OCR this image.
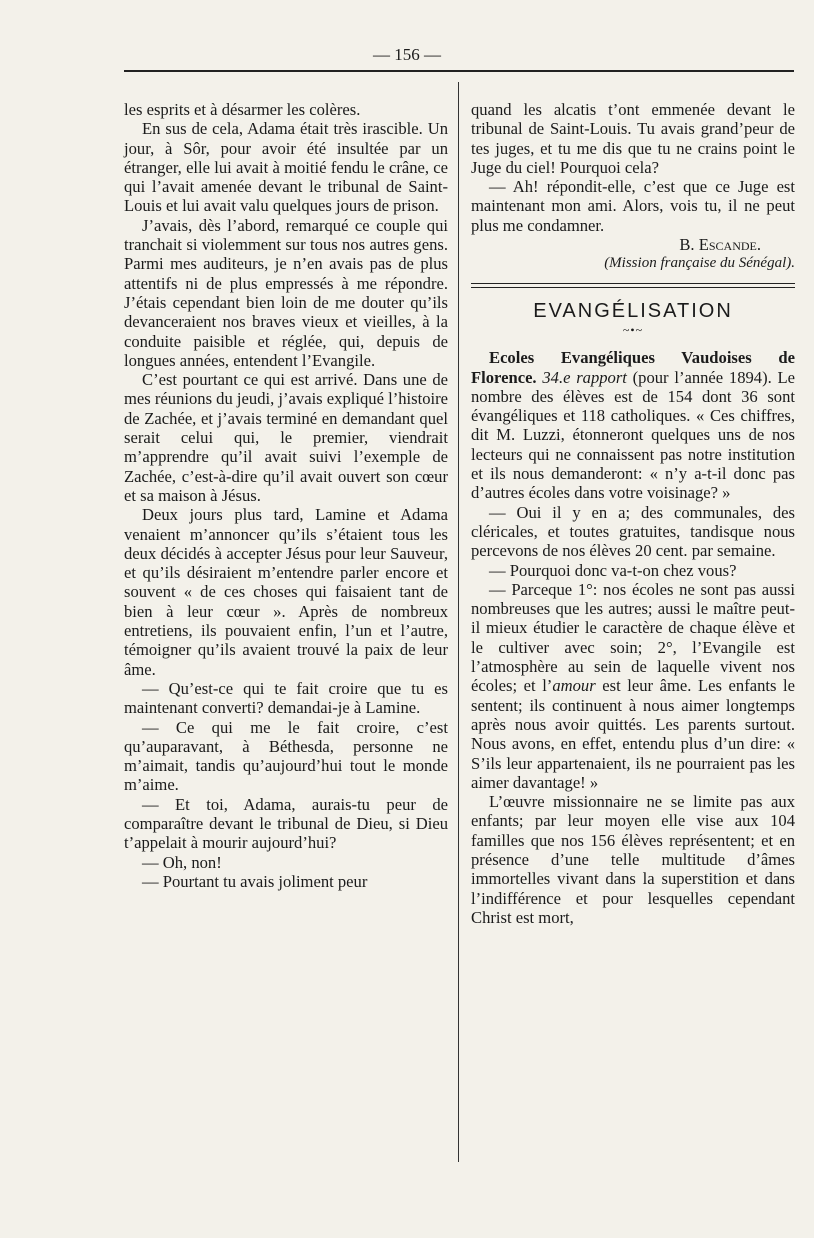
— 156 —

les esprits et à désarmer les colères.

En sus de cela, Adama était très irascible. Un jour, à Sôr, pour avoir été insultée par un étranger, elle lui avait à moitié fendu le crâne, ce qui l’avait amenée devant le tribunal de Saint-Louis et lui avait valu quelques jours de prison.

J’avais, dès l’abord, remarqué ce couple qui tranchait si violemment sur tous nos autres gens. Parmi mes auditeurs, je n’en avais pas de plus attentifs ni de plus empressés à me répondre. J’étais cependant bien loin de me douter qu’ils devanceraient nos braves vieux et vieilles, à la conduite paisible et réglée, qui, depuis de longues années, entendent l’Evangile.

C’est pourtant ce qui est arrivé. Dans une de mes réunions du jeudi, j’avais expliqué l’histoire de Zachée, et j’avais terminé en demandant quel serait celui qui, le premier, viendrait m’apprendre qu’il avait suivi l’exemple de Zachée, c’est-à-dire qu’il avait ouvert son cœur et sa maison à Jésus.

Deux jours plus tard, Lamine et Adama venaient m’annoncer qu’ils s’étaient tous les deux décidés à accepter Jésus pour leur Sauveur, et qu’ils désiraient m’entendre parler encore et souvent « de ces choses qui faisaient tant de bien à leur cœur ». Après de nombreux entretiens, ils pouvaient enfin, l’un et l’autre, témoigner qu’ils avaient trouvé la paix de leur âme.

— Qu’est-ce qui te fait croire que tu es maintenant converti? demandai-je à Lamine.

— Ce qui me le fait croire, c’est qu’auparavant, à Béthesda, personne ne m’aimait, tandis qu’aujourd’hui tout le monde m’aime.

— Et toi, Adama, aurais-tu peur de comparaître devant le tribunal de Dieu, si Dieu t’appelait à mourir aujourd’hui?

— Oh, non!

— Pourtant tu avais joliment peur

quand les alcatis t’ont emmenée devant le tribunal de Saint-Louis. Tu avais grand’peur de tes juges, et tu me dis que tu ne crains point le Juge du ciel! Pourquoi cela?

— Ah! répondit-elle, c’est que ce Juge est maintenant mon ami. Alors, vois tu, il ne peut plus me condamner.

B. Escande.

(Mission française du Sénégal).

EVANGÉLISATION
~•~

Ecoles Evangéliques Vaudoises de Florence. 34.e rapport (pour l’année 1894). Le nombre des élèves est de 154 dont 36 sont évangéliques et 118 catholiques. « Ces chiffres, dit M. Luzzi, étonneront quelques uns de nos lecteurs qui ne connaissent pas notre institution et ils nous demanderont: « n’y a-t-il donc pas d’autres écoles dans votre voisinage? »

— Oui il y en a; des communales, des cléricales, et toutes gratuites, tandisque nous percevons de nos élèves 20 cent. par semaine.

— Pourquoi donc va-t-on chez vous?

— Parceque 1°: nos écoles ne sont pas aussi nombreuses que les autres; aussi le maître peut-il mieux étudier le caractère de chaque élève et le cultiver avec soin; 2°, l’Evangile est l’atmosphère au sein de laquelle vivent nos écoles; et l’amour est leur âme. Les enfants le sentent; ils continuent à nous aimer longtemps après nous avoir quittés. Les parents surtout. Nous avons, en effet, entendu plus d’un dire: « S’ils leur appartenaient, ils ne pourraient pas les aimer davantage! »

L’œuvre missionnaire ne se limite pas aux enfants; par leur moyen elle vise aux 104 familles que nos 156 élèves représentent; et en présence d’une telle multitude d’âmes immortelles vivant dans la superstition et dans l’indifférence et pour lesquelles cependant Christ est mort,
